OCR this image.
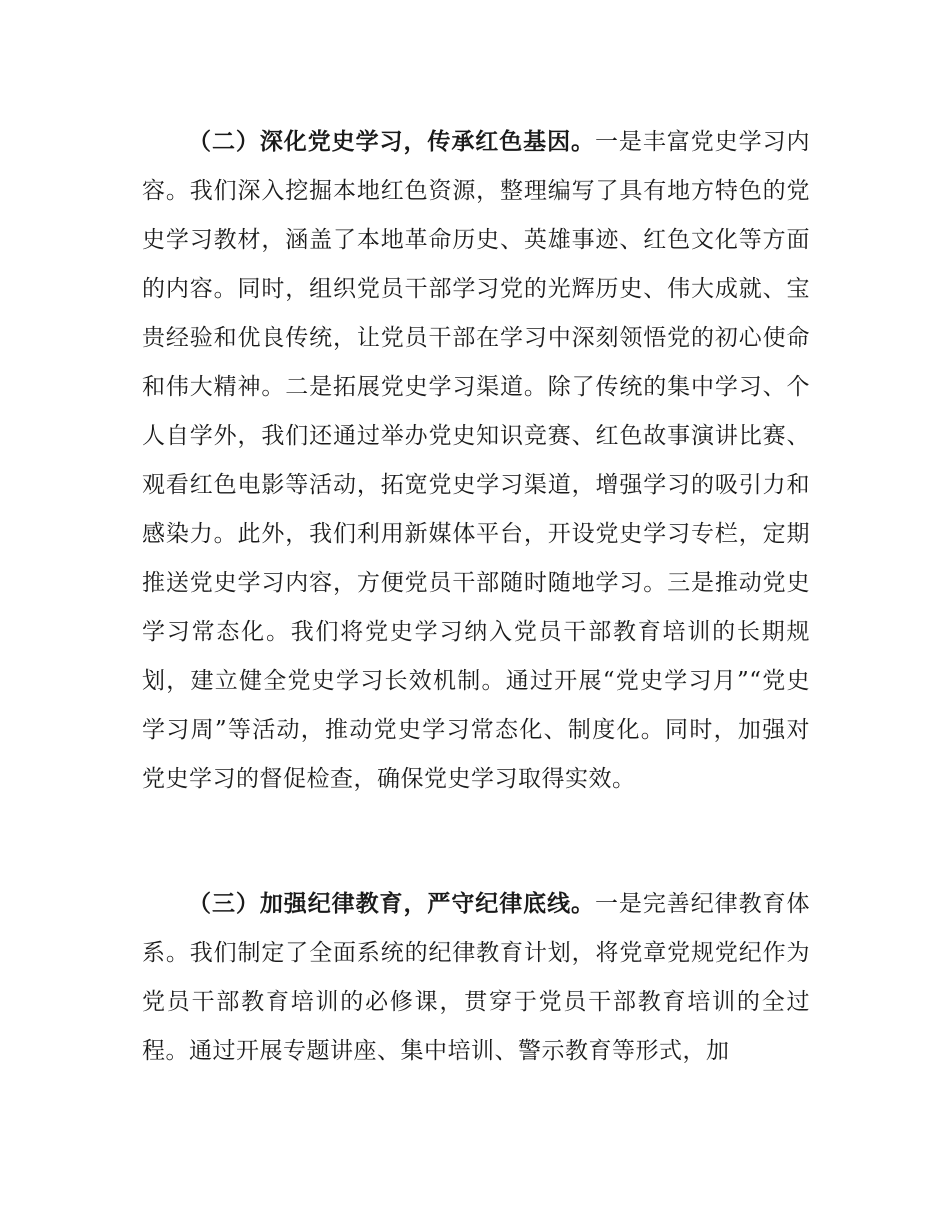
（二）深化党史学习，传承红色基因。一是丰富党史学习内容。我们深入挖掘本地红色资源，整理编写了具有地方特色的党史学习教材，涵盖了本地革命历史、英雄事迹、红色文化等方面的内容。同时，组织党员干部学习党的光辉历史、伟大成就、宝贵经验和优良传统，让党员干部在学习中深刻领悟党的初心使命和伟大精神。二是拓展党史学习渠道。除了传统的集中学习、个人自学外，我们还通过举办党史知识竞赛、红色故事演讲比赛、观看红色电影等活动，拓宽党史学习渠道，增强学习的吸引力和感染力。此外，我们利用新媒体平台，开设党史学习专栏，定期推送党史学习内容，方便党员干部随时随地学习。三是推动党史学习常态化。我们将党史学习纳入党员干部教育培训的长期规划，建立健全党史学习长效机制。通过开展“党史学习月”“党史学习周”等活动，推动党史学习常态化、制度化。同时，加强对党史学习的督促检查，确保党史学习取得实效。

（三）加强纪律教育，严守纪律底线。一是完善纪律教育体系。我们制定了全面系统的纪律教育计划，将党章党规党纪作为党员干部教育培训的必修课，贯穿于党员干部教育培训的全过程。通过开展专题讲座、集中培训、警示教育等形式，加
